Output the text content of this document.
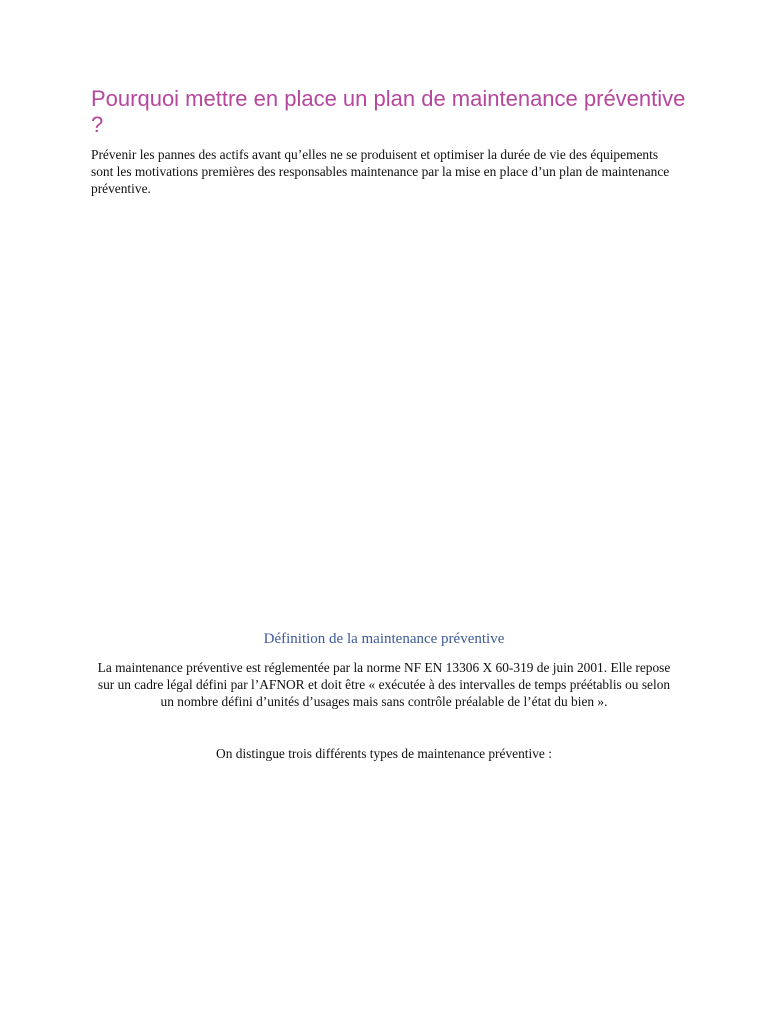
Pourquoi mettre en place un plan de maintenance préventive ?

Prévenir les pannes des actifs avant qu’elles ne se produisent et optimiser la durée de vie des équipements sont les motivations premières des responsables maintenance par la mise en place d’un plan de maintenance préventive.

Définition de la maintenance préventive

La maintenance préventive est réglementée par la norme NF EN 13306 X 60-319 de juin 2001. Elle repose sur un cadre légal défini par l’AFNOR et doit être « exécutée à des intervalles de temps préétablis ou selon un nombre défini d’unités d’usages mais sans contrôle préalable de l’état du bien ».

On distingue trois différents types de maintenance préventive :
